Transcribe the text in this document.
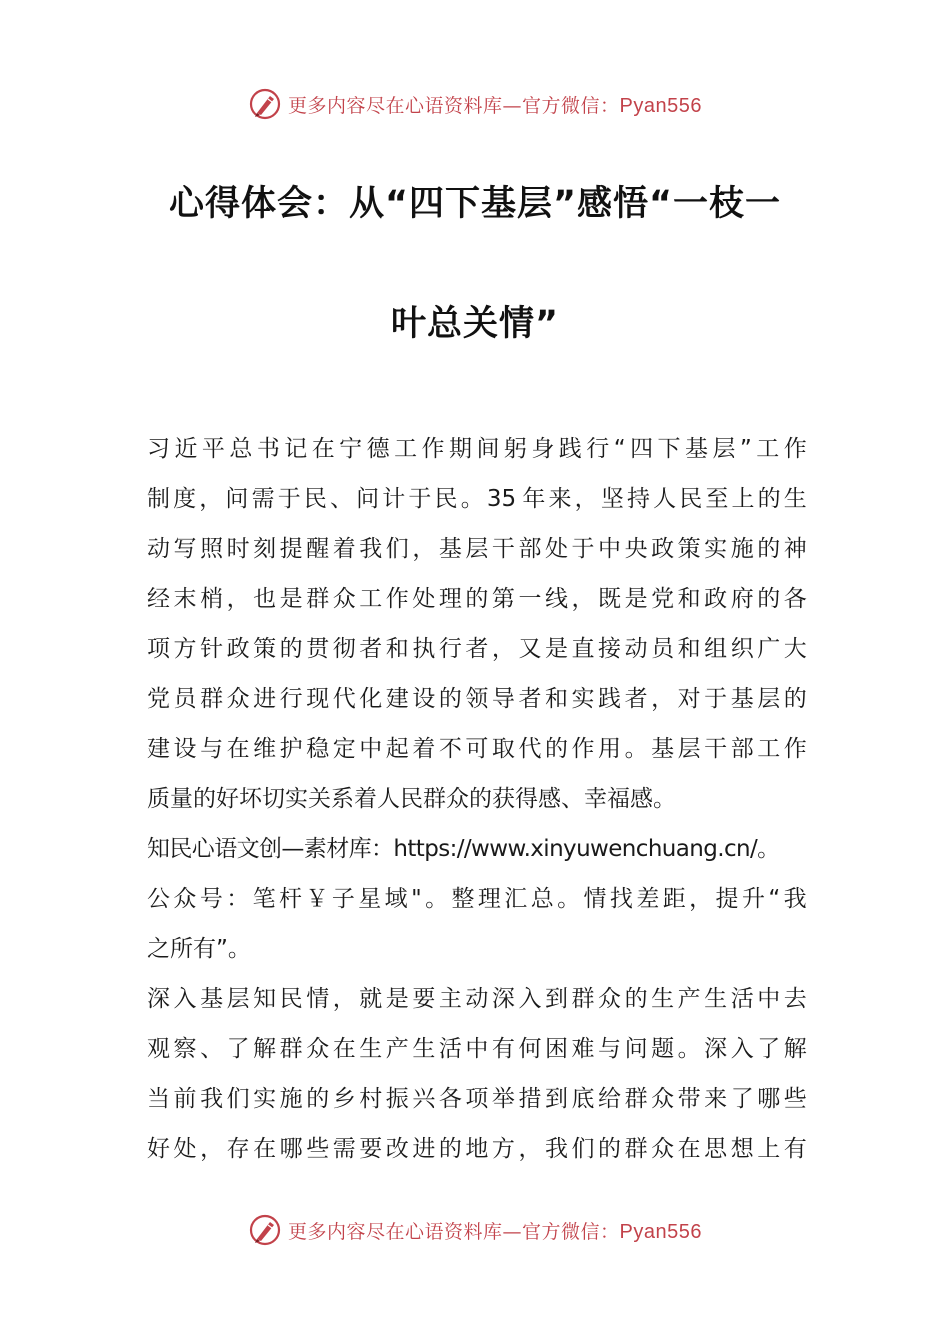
更多内容尽在心语资料库—官方微信：Pyan556
心得体会：从“四下基层”感悟“一枝一
叶总关情”
习 近 平 总 书 记 在 宁 德 工 作 期 间 躬 身 践 行 “ 四 下 基 层 ” 工 作
制 度 ， 问 需 于 民 、 问 计 于 民 。 35 年 来 ， 坚 持 人 民 至 上 的 生
动 写 照 时 刻 提 醒 着 我 们 ， 基 层 干 部 处 于 中 央 政 策 实 施 的 神
经 末 梢 ， 也 是 群 众 工 作 处 理 的 第 一 线 ， 既 是 党 和 政 府 的 各
项 方 针 政 策 的 贯 彻 者 和 执 行 者 ， 又 是 直 接 动 员 和 组 织 广 大
党 员 群 众 进 行 现 代 化 建 设 的 领 导 者 和 实 践 者 ， 对 于 基 层 的
建 设 与 在 维 护 稳 定 中 起 着 不 可 取 代 的 作 用 。 基 层 干 部 工 作
质量的好坏切实关系着人民群众的获得感、幸福感。
知民心语文创—素材库：https://www.xinyuwenchuang.cn/。
公 众 号 ： 笔 杆 ￥ 子 星 域 " 。 整 理 汇 总 。 情 找 差 距 ， 提 升 “ 我
之所有”。
深 入 基 层 知 民 情 ， 就 是 要 主 动 深 入 到 群 众 的 生 产 生 活 中 去
观 察 、 了 解 群 众 在 生 产 生 活 中 有 何 困 难 与 问 题 。 深 入 了 解
当 前 我 们 实 施 的 乡 村 振 兴 各 项 举 措 到 底 给 群 众 带 来 了 哪 些
好 处 ， 存 在 哪 些 需 要 改 进 的 地 方 ， 我 们 的 群 众 在 思 想 上 有
更多内容尽在心语资料库—官方微信：Pyan556
